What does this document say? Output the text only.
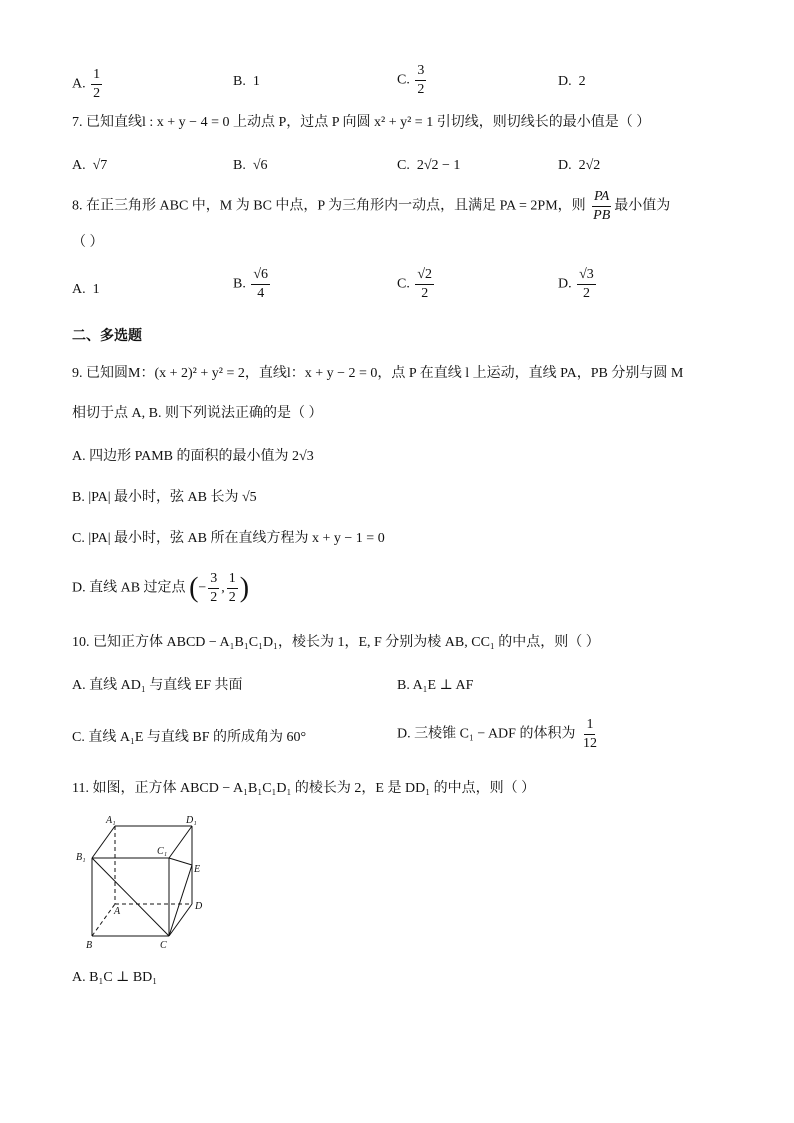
A. $\frac{1}{2}$	B. 1	C. $\frac{3}{2}$	D. 2
7. 已知直线l : x + y − 4 = 0 上动点 P，过点 P 向圆 x² + y² = 1 引切线，则切线长的最小值是（ ）
A. √7	B. √6	C. 2√2 − 1	D. 2√2
8. 在正三角形 ABC 中，M 为 BC 中点，P 为三角形内一动点，且满足 PA = 2PM，则 $\frac{PA}{PB}$ 最小值为
（ ）
A. 1	B. $\frac{√6}{4}$	C. $\frac{√2}{2}$	D. $\frac{√3}{2}$
二、多选题
9. 已知圆M：(x + 2)² + y² = 2，直线l：x + y − 2 = 0，点 P 在直线 l 上运动，直线 PA，PB 分别与圆 M
相切于点 A, B. 则下列说法正确的是（ ）
A. 四边形 PAMB 的面积的最小值为 2√3
B. |PA| 最小时，弦 AB 长为 √5
C. |PA| 最小时，弦 AB 所在直线方程为 x + y − 1 = 0
D. 直线 AB 过定点 (− $\frac{3}{2}$ , $\frac{1}{2}$ )
10. 已知正方体 ABCD − A₁B₁C₁D₁，棱长为 1，E, F 分别为棱 AB, CC₁ 的中点，则（ ）
A. 直线 AD₁ 与直线 EF 共面	B. A₁E ⊥ AF
C. 直线 A₁E 与直线 BF 的所成角为 60°	D. 三棱锥 C₁ − ADF 的体积为 $\frac{1}{12}$
11. 如图，正方体 ABCD − A₁B₁C₁D₁ 的棱长为 2，E 是 DD₁ 的中点，则（ ）
A₁	D₁
B₁
C₁
E
A	D
B	C
A. B₁C ⊥ BD₁
